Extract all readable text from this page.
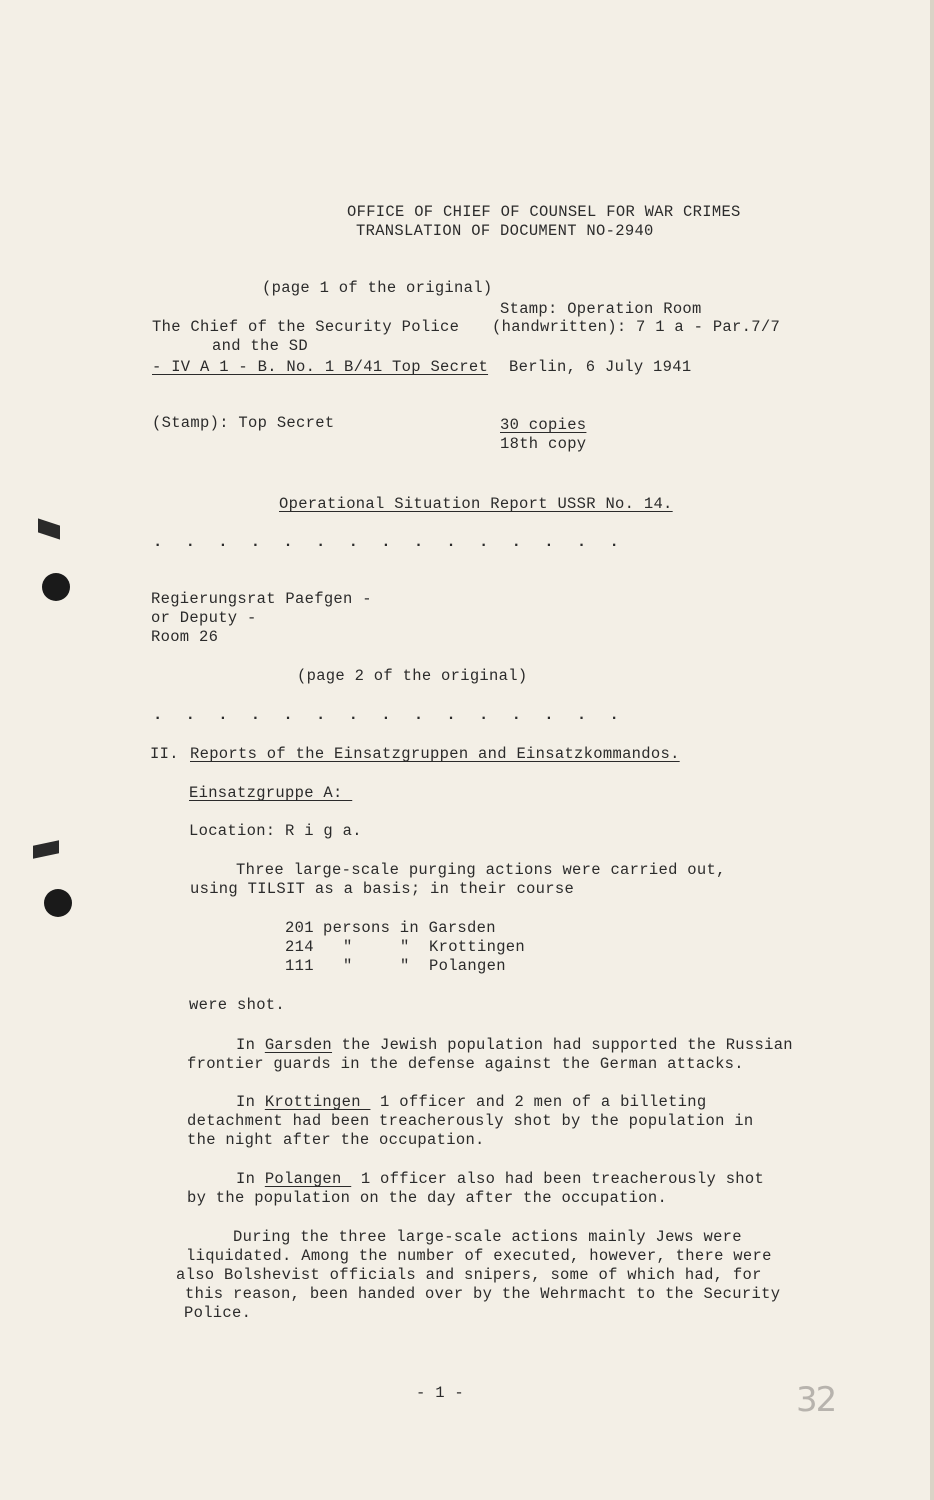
OFFICE OF CHIEF OF COUNSEL FOR WAR CRIMES
TRANSLATION OF DOCUMENT NO-2940
(page 1 of the original)
Stamp: Operation Room
The Chief of the Security Police (handwritten): 7 1 a - Par.7/7
and the SD
- IV A 1 - B. No. 1 B/41 Top Secret Berlin, 6 July 1941
(Stamp): Top Secret	30 copies
18th copy
Operational Situation Report USSR No. 14.
. . . . . . . . . . . . . . .
Regierungsrat Paefgen -
or Deputy -
Room 26
(page 2 of the original)
. . . . . . . . . . . . . . .
II. Reports of the Einsatzgruppen and Einsatzkommandos.
Einsatzgruppe A:
Location: R i g a.
Three large-scale purging actions were carried out,
using TILSIT as a basis; in their course
201 persons in Garsden
214 "	" Krottingen
111 "	" Polangen
were shot.
In Garsden the Jewish population had supported the Russian
frontier guards in the defense against the German attacks.
In Krottingen  1 officer and 2 men of a billeting
detachment had been treacherously shot by the population in
the night after the occupation.
In Polangen  1 officer also had been treacherously shot
by the population on the day after the occupation.
During the three large-scale actions mainly Jews were
liquidated. Among the number of executed, however, there were
also Bolshevist officials and snipers, some of which had, for
this reason, been handed over by the Wehrmacht to the Security
Police.
- 1 -	32
